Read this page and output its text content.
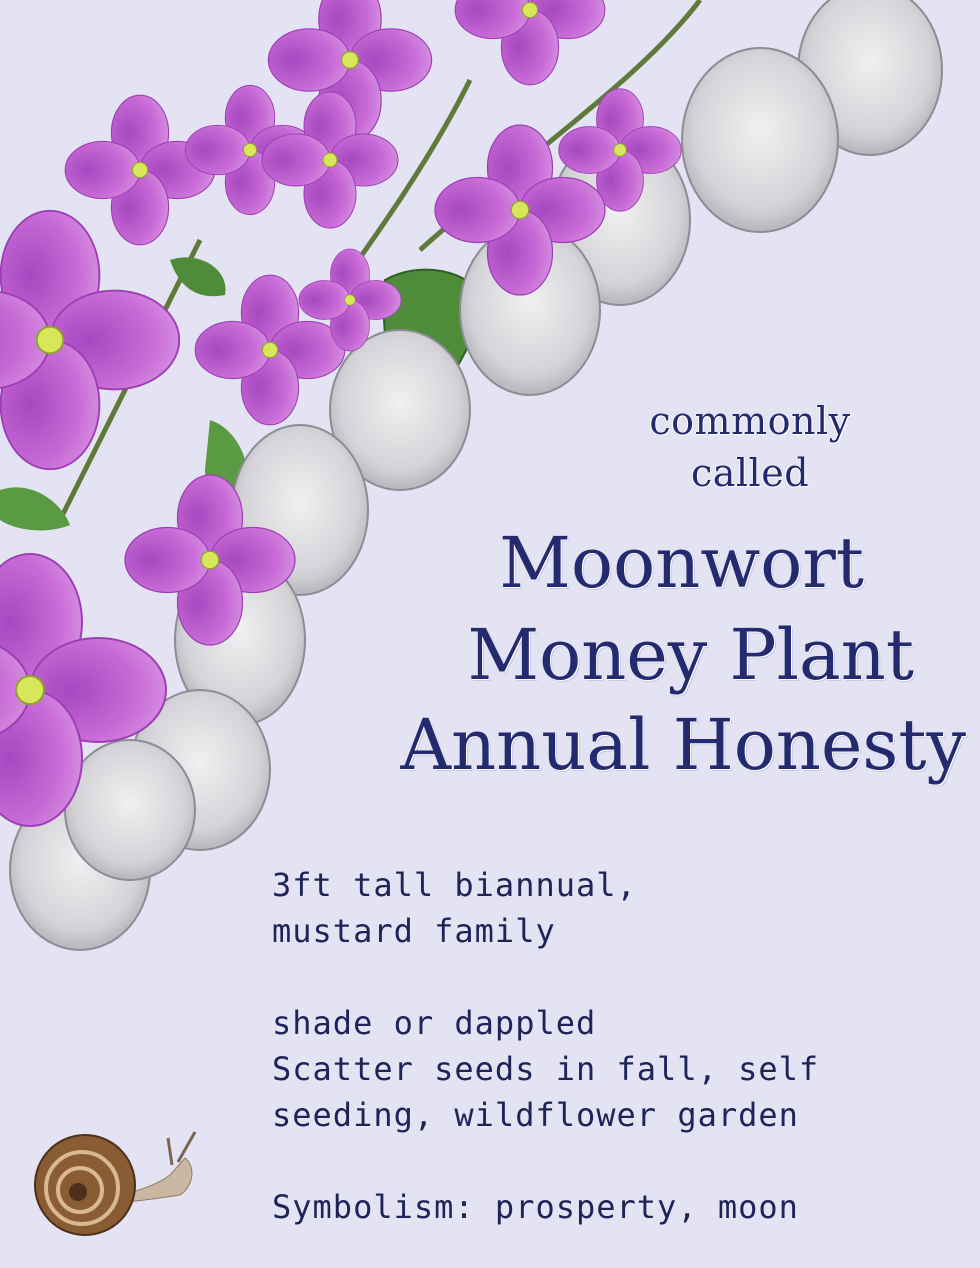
commonly
called
Moonwort
Money Plant
Annual Honesty
3ft tall biannual,
mustard family
shade or dappled
Scatter seeds in fall, self
seeding, wildflower garden
Symbolism: prosperty, moon
